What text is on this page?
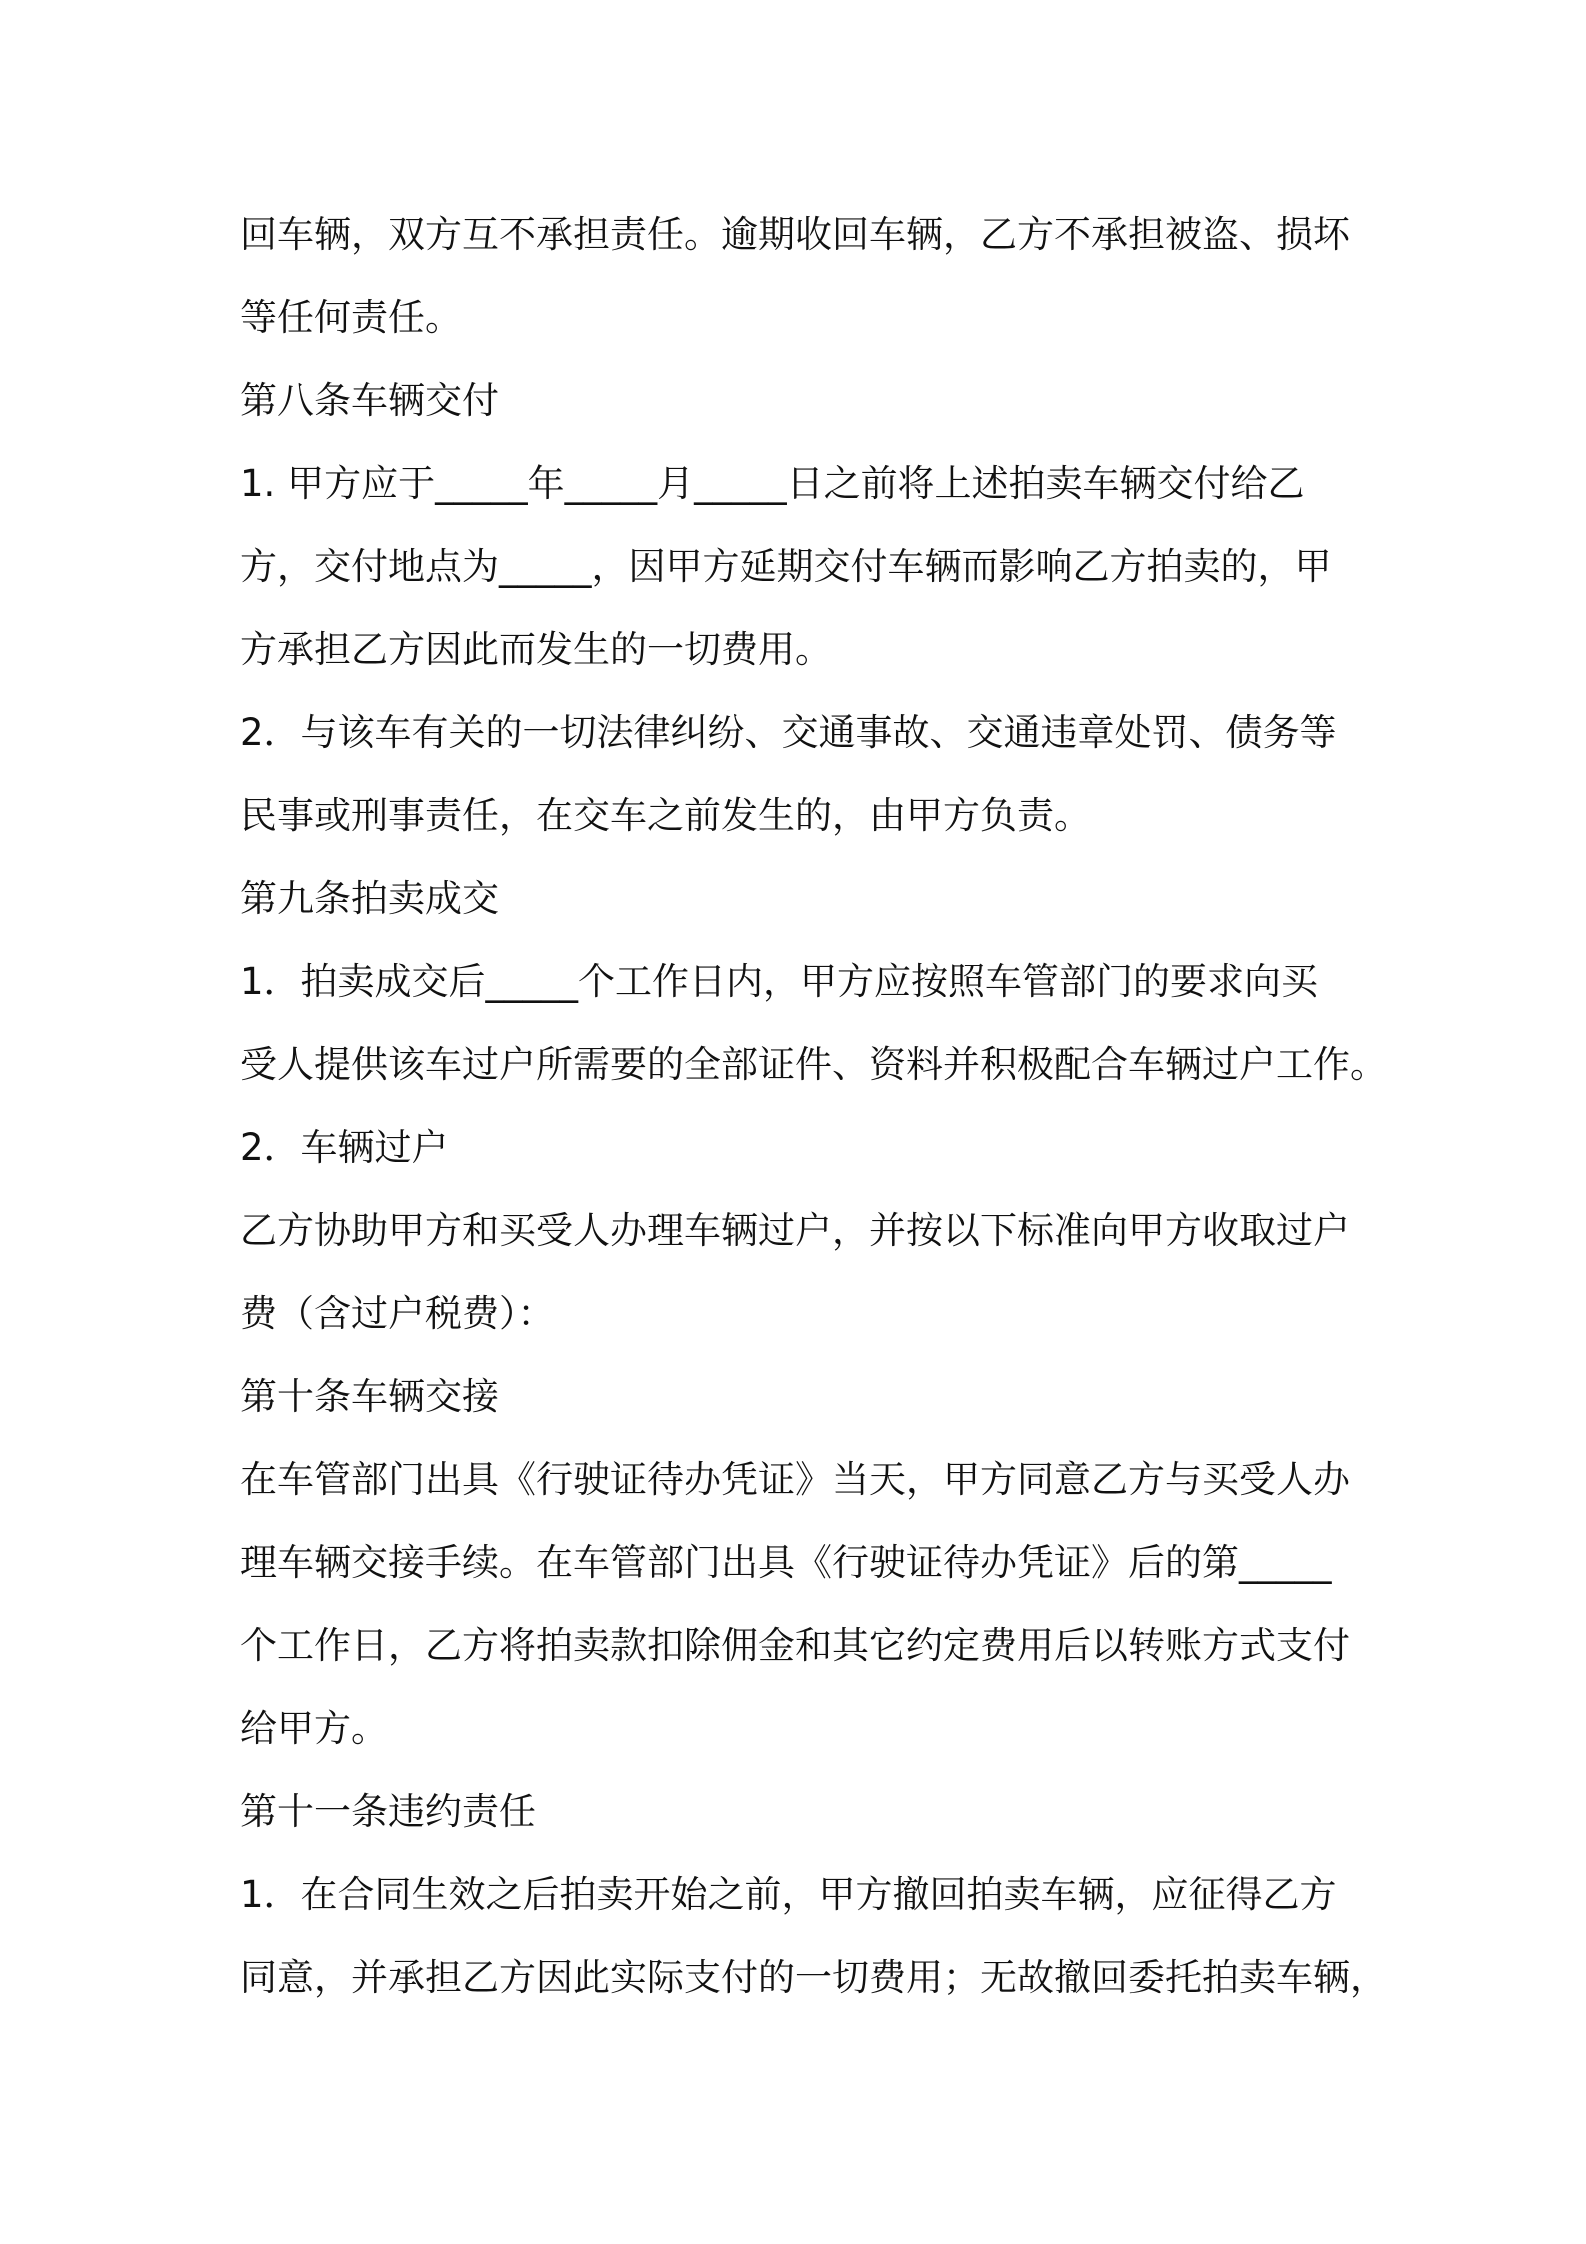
回车辆，双方互不承担责任。逾期收回车辆，乙方不承担被盗、损坏
等任何责任。
第八条车辆交付
1. 甲方应于_____年_____月_____日之前将上述拍卖车辆交付给乙
方，交付地点为_____，因甲方延期交付车辆而影响乙方拍卖的，甲
方承担乙方因此而发生的一切费用。
2．与该车有关的一切法律纠纷、交通事故、交通违章处罚、债务等
民事或刑事责任，在交车之前发生的，由甲方负责。
第九条拍卖成交
1．拍卖成交后_____个工作日内，甲方应按照车管部门的要求向买
受人提供该车过户所需要的全部证件、资料并积极配合车辆过户工作。
2．车辆过户
乙方协助甲方和买受人办理车辆过户，并按以下标准向甲方收取过户
费（含过户税费）：
第十条车辆交接
在车管部门出具《行驶证待办凭证》当天，甲方同意乙方与买受人办
理车辆交接手续。在车管部门出具《行驶证待办凭证》后的第_____
个工作日，乙方将拍卖款扣除佣金和其它约定费用后以转账方式支付
给甲方。
第十一条违约责任
1．在合同生效之后拍卖开始之前，甲方撤回拍卖车辆，应征得乙方
同意，并承担乙方因此实际支付的一切费用；无故撤回委托拍卖车辆，
